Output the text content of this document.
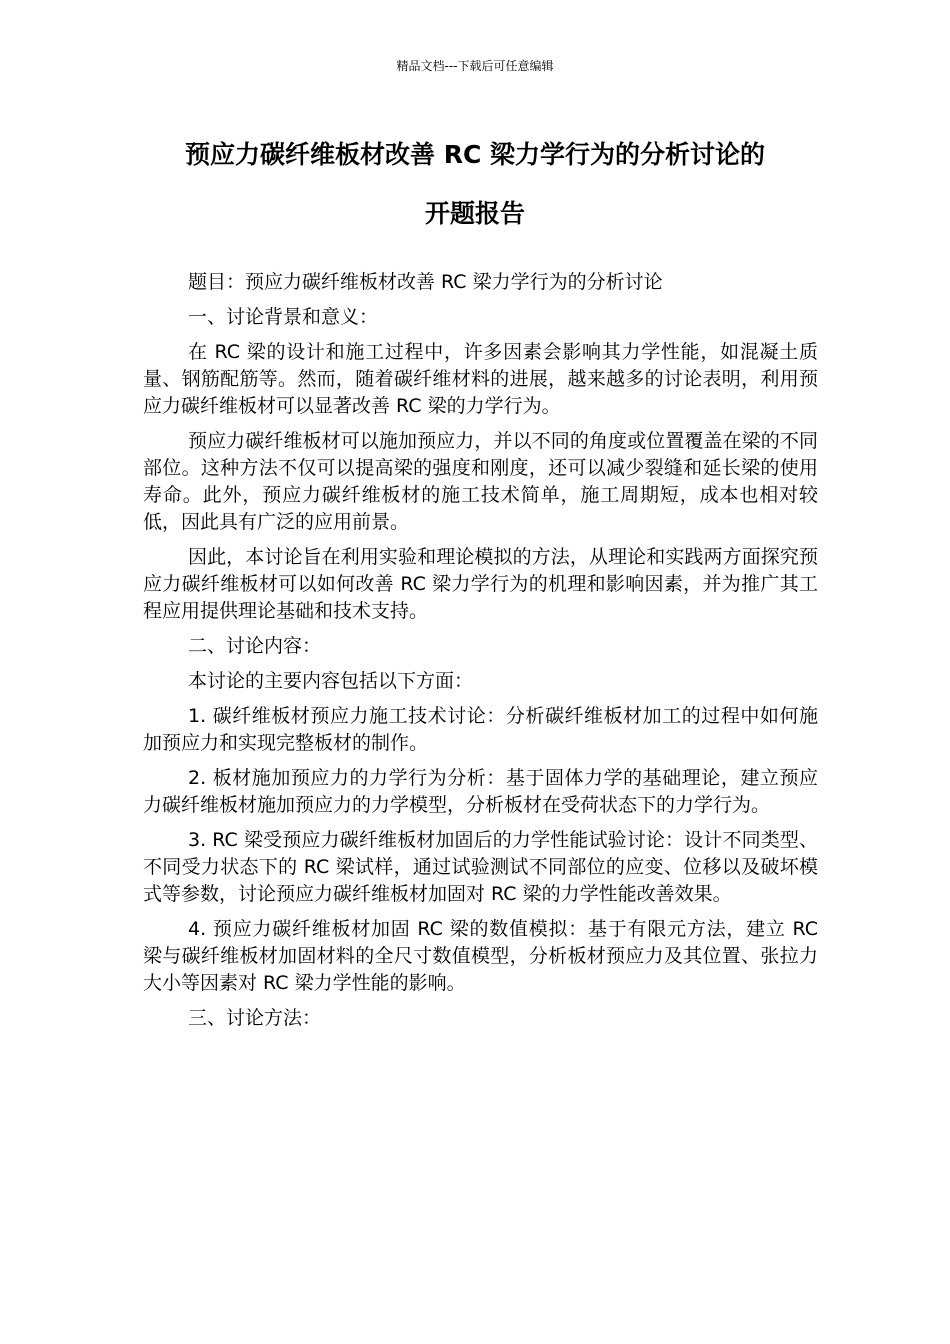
精品文档---下载后可任意编辑
预应力碳纤维板材改善 RC 梁力学行为的分析讨论的
开题报告

题目：预应力碳纤维板材改善 RC 梁力学行为的分析讨论

一、讨论背景和意义：

在 RC 梁的设计和施工过程中，许多因素会影响其力学性能，如混凝土质量、钢筋配筋等。然而，随着碳纤维材料的进展，越来越多的讨论表明，利用预应力碳纤维板材可以显著改善 RC 梁的力学行为。

预应力碳纤维板材可以施加预应力，并以不同的角度或位置覆盖在梁的不同部位。这种方法不仅可以提高梁的强度和刚度，还可以减少裂缝和延长梁的使用寿命。此外，预应力碳纤维板材的施工技术简单，施工周期短，成本也相对较低，因此具有广泛的应用前景。

因此，本讨论旨在利用实验和理论模拟的方法，从理论和实践两方面探究预应力碳纤维板材可以如何改善 RC 梁力学行为的机理和影响因素，并为推广其工程应用提供理论基础和技术支持。

二、讨论内容：

本讨论的主要内容包括以下方面：

1. 碳纤维板材预应力施工技术讨论：分析碳纤维板材加工的过程中如何施加预应力和实现完整板材的制作。

2. 板材施加预应力的力学行为分析：基于固体力学的基础理论，建立预应力碳纤维板材施加预应力的力学模型，分析板材在受荷状态下的力学行为。

3. RC 梁受预应力碳纤维板材加固后的力学性能试验讨论：设计不同类型、不同受力状态下的 RC 梁试样，通过试验测试不同部位的应变、位移以及破坏模式等参数，讨论预应力碳纤维板材加固对 RC 梁的力学性能改善效果。

4. 预应力碳纤维板材加固 RC 梁的数值模拟：基于有限元方法，建立 RC 梁与碳纤维板材加固材料的全尺寸数值模型，分析板材预应力及其位置、张拉力大小等因素对 RC 梁力学性能的影响。

三、讨论方法：
